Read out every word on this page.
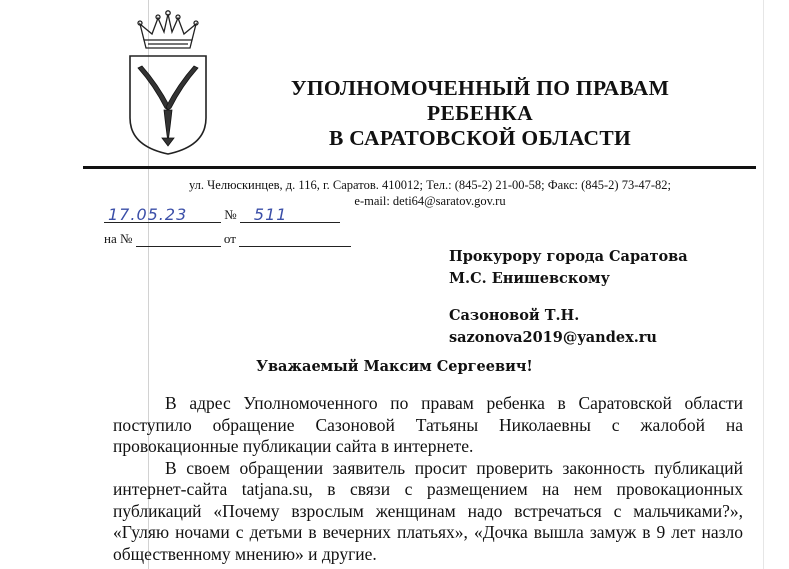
УПОЛНОМОЧЕННЫЙ ПО ПРАВАМ
РЕБЕНКА
В САРАТОВСКОЙ ОБЛАСТИ
ул. Челюскинцев, д. 116, г. Саратов. 410012; Тел.: (845-2) 21-00-58; Факс: (845-2) 73-47-82;
e-mail: deti64@saratov.gov.ru
17.05.23	№ 511
на №	от
Прокурору города Саратова
М.С. Енишевскому
Сазоновой Т.Н.
sazonova2019@yandex.ru
Уважаемый Максим Сергеевич!

В адрес Уполномоченного по правам ребенка в Саратовской области поступило обращение Сазоновой Татьяны Николаевны с жалобой на провокационные публикации сайта в интернете.

В своем обращении заявитель просит проверить законность публикаций интернет-сайта tatjana.su, в связи с размещением на нем провокационных публикаций «Почему взрослым женщинам надо встречаться с мальчиками?», «Гуляю ночами с детьми в вечерних платьях», «Дочка вышла замуж в 9 лет назло общественному мнению» и другие.
